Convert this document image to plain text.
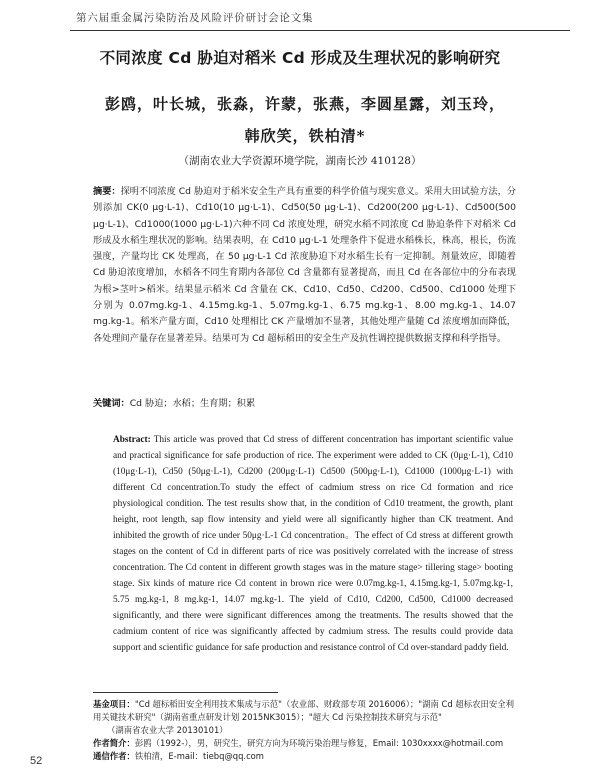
第六届重金属污染防治及风险评价研讨会论文集
不同浓度 Cd 胁迫对稻米 Cd 形成及生理状况的影响研究
彭鸥，叶长城，张淼，许蒙，张燕，李圆星露，刘玉玲，
韩欣笑，铁柏清*
（湖南农业大学资源环境学院，湖南长沙 410128）
摘要：探明不同浓度 Cd 胁迫对于稻米安全生产具有重要的科学价值与现实意义。采用大田试验方法，分别添加 CK(0 μg·L-1)、Cd10(10 μg·L-1)、Cd50(50 μg·L-1)、Cd200(200 μg·L-1)、Cd500(500 μg·L-1)、Cd1000(1000 μg·L-1)六种不同 Cd 浓度处理，研究水稻不同浓度 Cd 胁迫条件下对稻米 Cd 形成及水稻生理状况的影响。结果表明，在 Cd10 μg·L-1 处理条件下促进水稻株长，株高，根长，伤流强度，产量均比 CK 处理高，在 50 μg·L-1 Cd 浓度胁迫下对水稻生长有一定抑制。剂量效应，即随着 Cd 胁迫浓度增加，水稻各不同生育期内各部位 Cd 含量都有显著提高，而且 Cd 在各部位中的分布表现为根>茎叶>稻米。结果显示稻米 Cd 含量在 CK、Cd10、Cd50、Cd200、Cd500、Cd1000 处理下分别为 0.07mg.kg-1、4.15mg.kg-1、5.07mg.kg-1、6.75 mg.kg-1、8.00 mg.kg-1、14.07 mg.kg-1。稻米产量方面，Cd10 处理相比 CK 产量增加不显著，其他处理产量随 Cd 浓度增加而降低，各处理间产量存在显著差异。结果可为 Cd 超标稻田的安全生产及抗性调控提供数据支撑和科学指导。
关键词：Cd 胁迫；水稻；生育期；积累
Abstract: This article was proved that Cd stress of different concentration has important scientific value and practical significance for safe production of rice. The experiment were added to CK (0μg·L-1), Cd10 (10μg·L-1), Cd50 (50μg·L-1), Cd200 (200μg·L-1) Cd500 (500μg·L-1), Cd1000 (1000μg·L-1) with different Cd concentration.To study the effect of cadmium stress on rice Cd formation and rice physiological condition. The test results show that, in the condition of Cd10 treatment, the growth, plant height, root length, sap flow intensity and yield were all significantly higher than CK treatment. And inhibited the growth of rice under 50μg·L-1 Cd concentration。The effect of Cd stress at different growth stages on the content of Cd in different parts of rice was positively correlated with the increase of stress concentration. The Cd content in different growth stages was in the mature stage> tillering stage> booting stage. Six kinds of mature rice Cd content in brown rice were 0.07mg.kg-1, 4.15mg.kg-1, 5.07mg.kg-1, 5.75 mg.kg-1, 8 mg.kg-1, 14.07 mg.kg-1. The yield of Cd10, Cd200, Cd500, Cd1000 decreased significantly, and there were significant differences among the treatments. The results showed that the cadmium content of rice was significantly affected by cadmium stress. The results could provide data support and scientific guidance for safe production and resistance control of Cd over-standard paddy field.

基金项目："Cd 超标稻田安全利用技术集成与示范"（农业部、财政部专项 2016006）；"湖南 Cd 超标农田安全利用关键技术研究"（湖南省重点研发计划 2015NK3015）；"超大 Cd 污染控制技术研究与示范"

（湖南省农业大学 20130101）

作者简介：彭鸥（1992-），男，研究生，研究方向为环境污染治理与修复，Email: 1030xxxx@hotmail.com

通信作者：铁柏清，E-mail：tiebq@qq.com

52
